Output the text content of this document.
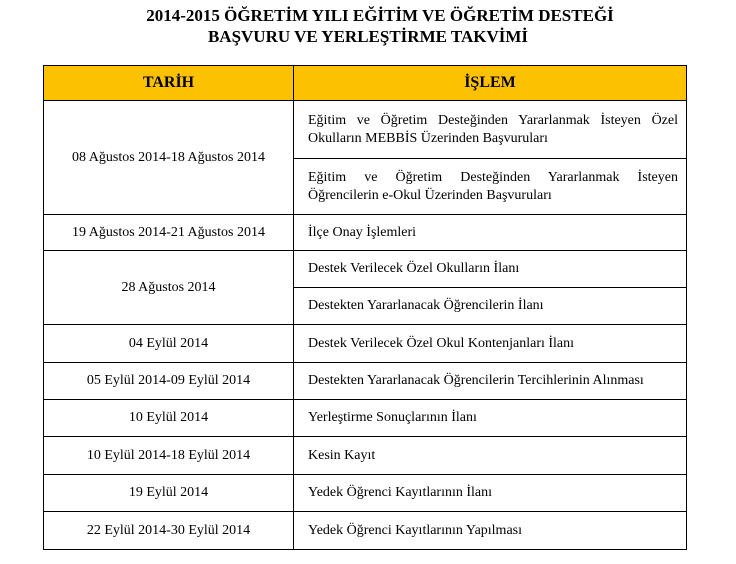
2014-2015 ÖĞRETİM YILI EĞİTİM VE ÖĞRETİM DESTEĞİ
BAŞVURU VE YERLEŞTİRME TAKVİMİ
TARİH	İŞLEM
08 Ağustos 2014-18 Ağustos 2014	Eğitim ve Öğretim Desteğinden Yararlanmak İsteyen Özel Okulların MEBBİS Üzerinden Başvuruları
	Eğitim ve Öğretim Desteğinden Yararlanmak İsteyen Öğrencilerin e-Okul Üzerinden Başvuruları
19 Ağustos 2014-21 Ağustos 2014	İlçe Onay İşlemleri
28 Ağustos 2014	Destek Verilecek Özel Okulların İlanı
	Destekten Yararlanacak Öğrencilerin İlanı
04 Eylül 2014	Destek Verilecek Özel Okul Kontenjanları İlanı
05 Eylül 2014-09 Eylül 2014	Destekten Yararlanacak Öğrencilerin Tercihlerinin Alınması
10 Eylül 2014	Yerleştirme Sonuçlarının İlanı
10 Eylül 2014-18 Eylül 2014	Kesin Kayıt
19 Eylül 2014	Yedek Öğrenci Kayıtlarının İlanı
22 Eylül 2014-30 Eylül 2014	Yedek Öğrenci Kayıtlarının Yapılması
